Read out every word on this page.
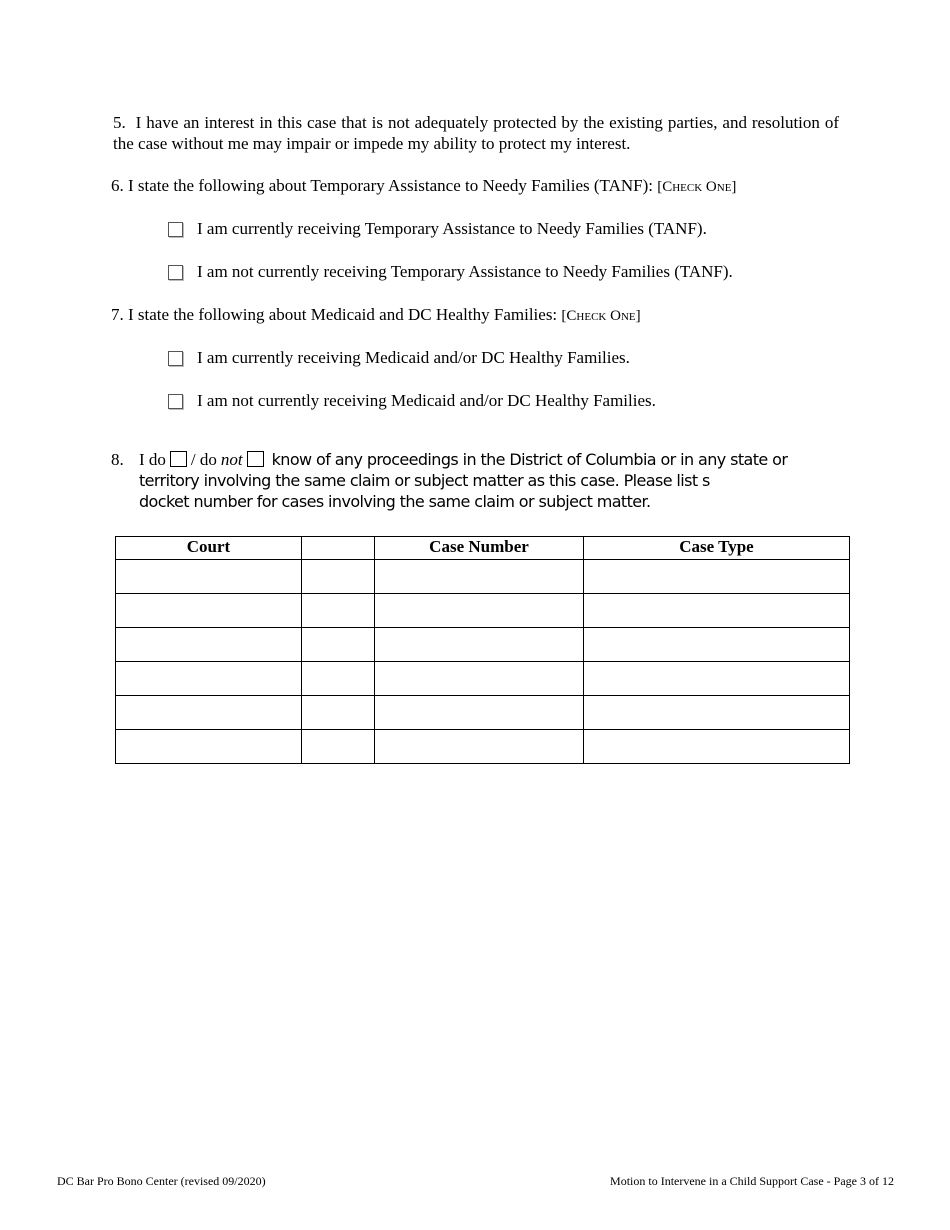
5. I have an interest in this case that is not adequately protected by the existing parties, and resolution of the case without me may impair or impede my ability to protect my interest.
6. I state the following about Temporary Assistance to Needy Families (TANF): [Check One]
I am currently receiving Temporary Assistance to Needy Families (TANF).
I am not currently receiving Temporary Assistance to Needy Families (TANF).
7. I state the following about Medicaid and DC Healthy Families: [Check One]
I am currently receiving Medicaid and/or DC Healthy Families.
I am not currently receiving Medicaid and/or DC Healthy Families.
8. I do / do not know of any proceedings in the District of Columbia or in any state or
territory involving the same claim or subject matter as this case. Please list s
docket number for cases involving the same claim or subject matter.
Court		Case Number	Case Type

DC Bar Pro Bono Center (revised 09/2020)	Motion to Intervene in a Child Support Case - Page 3 of 12
